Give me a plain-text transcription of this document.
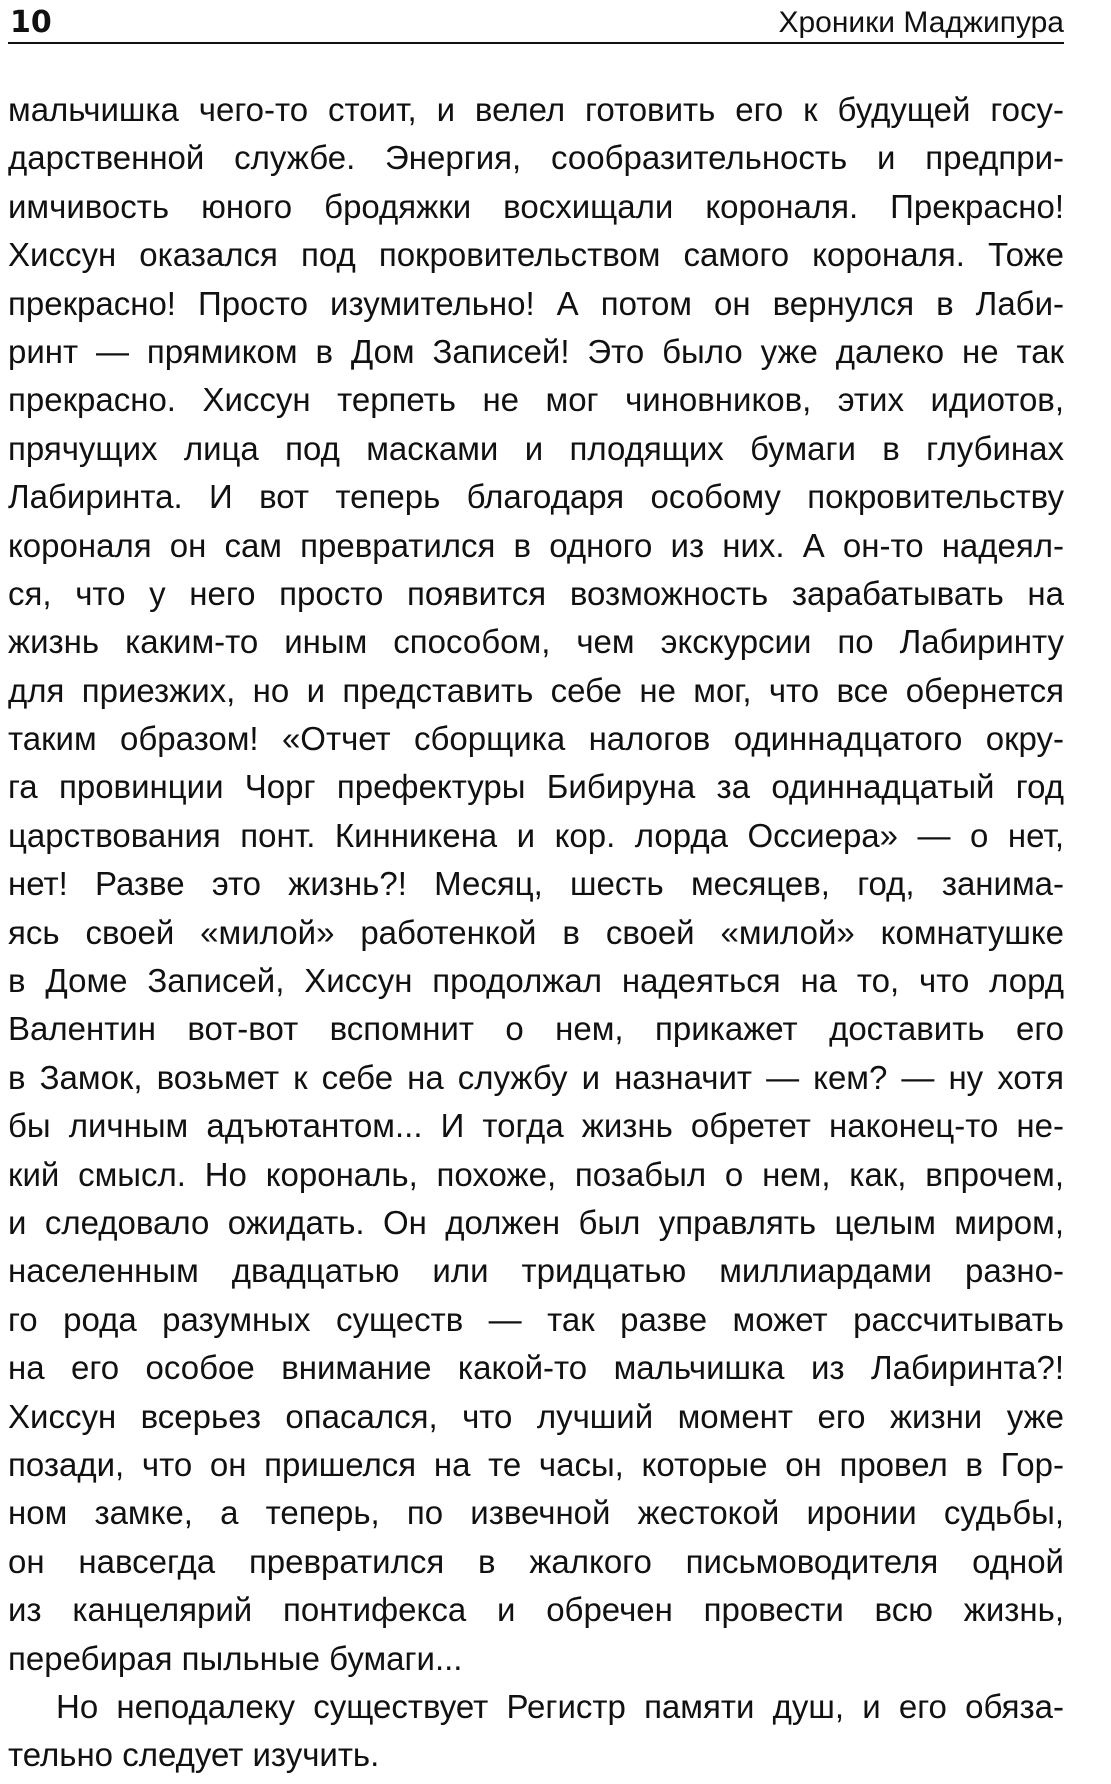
10	Хроники Маджипура
мальчишка чего-то стоит, и велел готовить его к будущей госу-
дарственной службе. Энергия, сообразительность и предпри-
имчивость юного бродяжки восхищали короналя. Прекрасно!
Хиссун оказался под покровительством самого короналя. Тоже
прекрасно! Просто изумительно! А потом он вернулся в Лаби-
ринт — прямиком в Дом Записей! Это было уже далеко не так
прекрасно. Хиссун терпеть не мог чиновников, этих идиотов,
прячущих лица под масками и плодящих бумаги в глубинах
Лабиринта. И вот теперь благодаря особому покровительству
короналя он сам превратился в одного из них. А он-то надеял-
ся, что у него просто появится возможность зарабатывать на
жизнь каким-то иным способом, чем экскурсии по Лабиринту
для приезжих, но и представить себе не мог, что все обернется
таким образом! «Отчет сборщика налогов одиннадцатого окру-
га провинции Чорг префектуры Бибируна за одиннадцатый год
царствования понт. Кинникена и кор. лорда Оссиера» — о нет,
нет! Разве это жизнь?! Месяц, шесть месяцев, год, занима-
ясь своей «милой» работенкой в своей «милой» комнатушке
в Доме Записей, Хиссун продолжал надеяться на то, что лорд
Валентин вот-вот вспомнит о нем, прикажет доставить его
в Замок, возьмет к себе на службу и назначит — кем? — ну хотя
бы личным адъютантом... И тогда жизнь обретет наконец-то не-
кий смысл. Но корональ, похоже, позабыл о нем, как, впрочем,
и следовало ожидать. Он должен был управлять целым миром,
населенным двадцатью или тридцатью миллиардами разно-
го рода разумных существ — так разве может рассчитывать
на его особое внимание какой-то мальчишка из Лабиринта?!
Хиссун всерьез опасался, что лучший момент его жизни уже
позади, что он пришелся на те часы, которые он провел в Гор-
ном замке, а теперь, по извечной жестокой иронии судьбы,
он навсегда превратился в жалкого письмоводителя одной
из канцелярий понтифекса и обречен провести всю жизнь,
перебирая пыльные бумаги...
Но неподалеку существует Регистр памяти душ, и его обяза-
тельно следует изучить.
